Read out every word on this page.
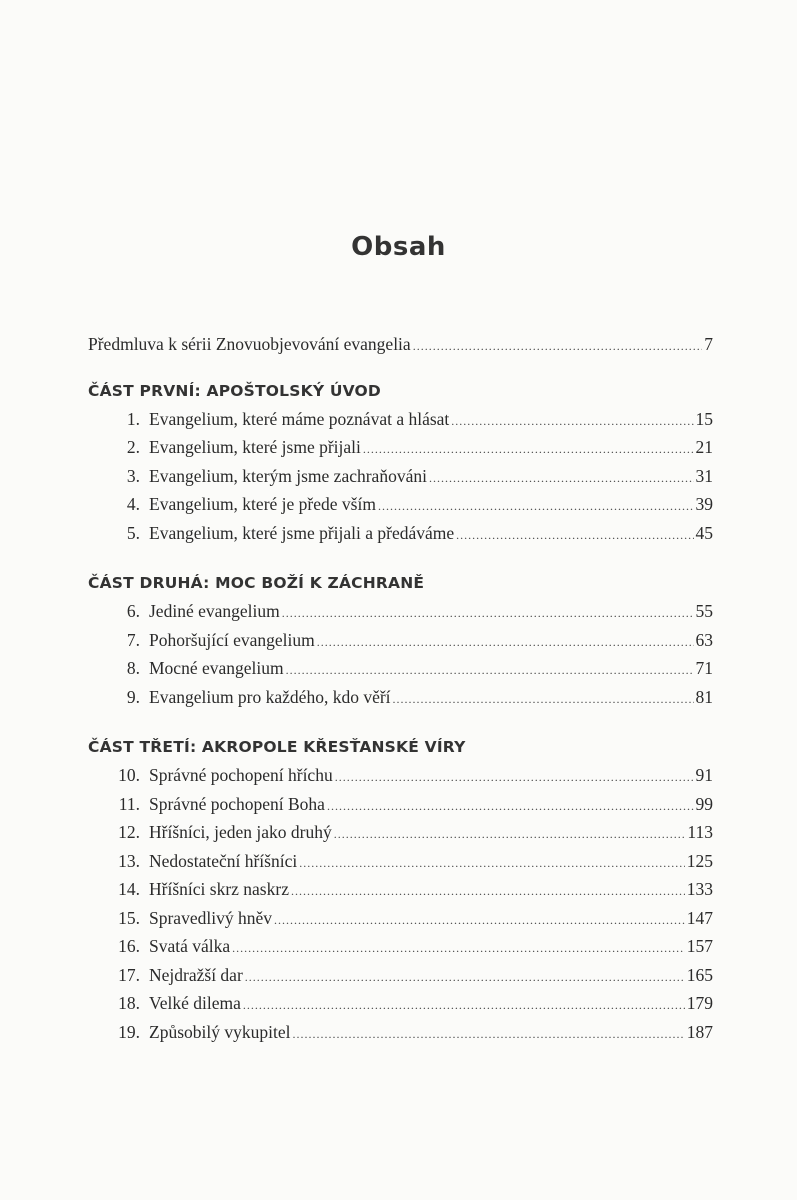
Obsah
Předmluva k sérii Znovuobjevování evangelia .....	7
ČÁST PRVNÍ: APOŠTOLSKÝ ÚVOD
1. Evangelium, které máme poznávat a hlásat .....	15
2. Evangelium, které jsme přijali .....	21
3. Evangelium, kterým jsme zachraňováni .....	31
4. Evangelium, které je přede vším .....	39
5. Evangelium, které jsme přijali a předáváme .....	45
ČÁST DRUHÁ: MOC BOŽÍ K ZÁCHRANĚ
6. Jediné evangelium .....	55
7. Pohoršující evangelium .....	63
8. Mocné evangelium .....	71
9. Evangelium pro každého, kdo věří .....	81
ČÁST TŘETÍ: AKROPOLE KŘESŤANSKÉ VÍRY
10. Správné pochopení hříchu .....	91
11. Správné pochopení Boha .....	99
12. Hříšníci, jeden jako druhý .....	113
13. Nedostateční hříšníci .....	125
14. Hříšníci skrz naskrz .....	133
15. Spravedlivý hněv .....	147
16. Svatá válka .....	157
17. Nejdražší dar .....	165
18. Velké dilema .....	179
19. Způsobilý vykupitel .....	187
